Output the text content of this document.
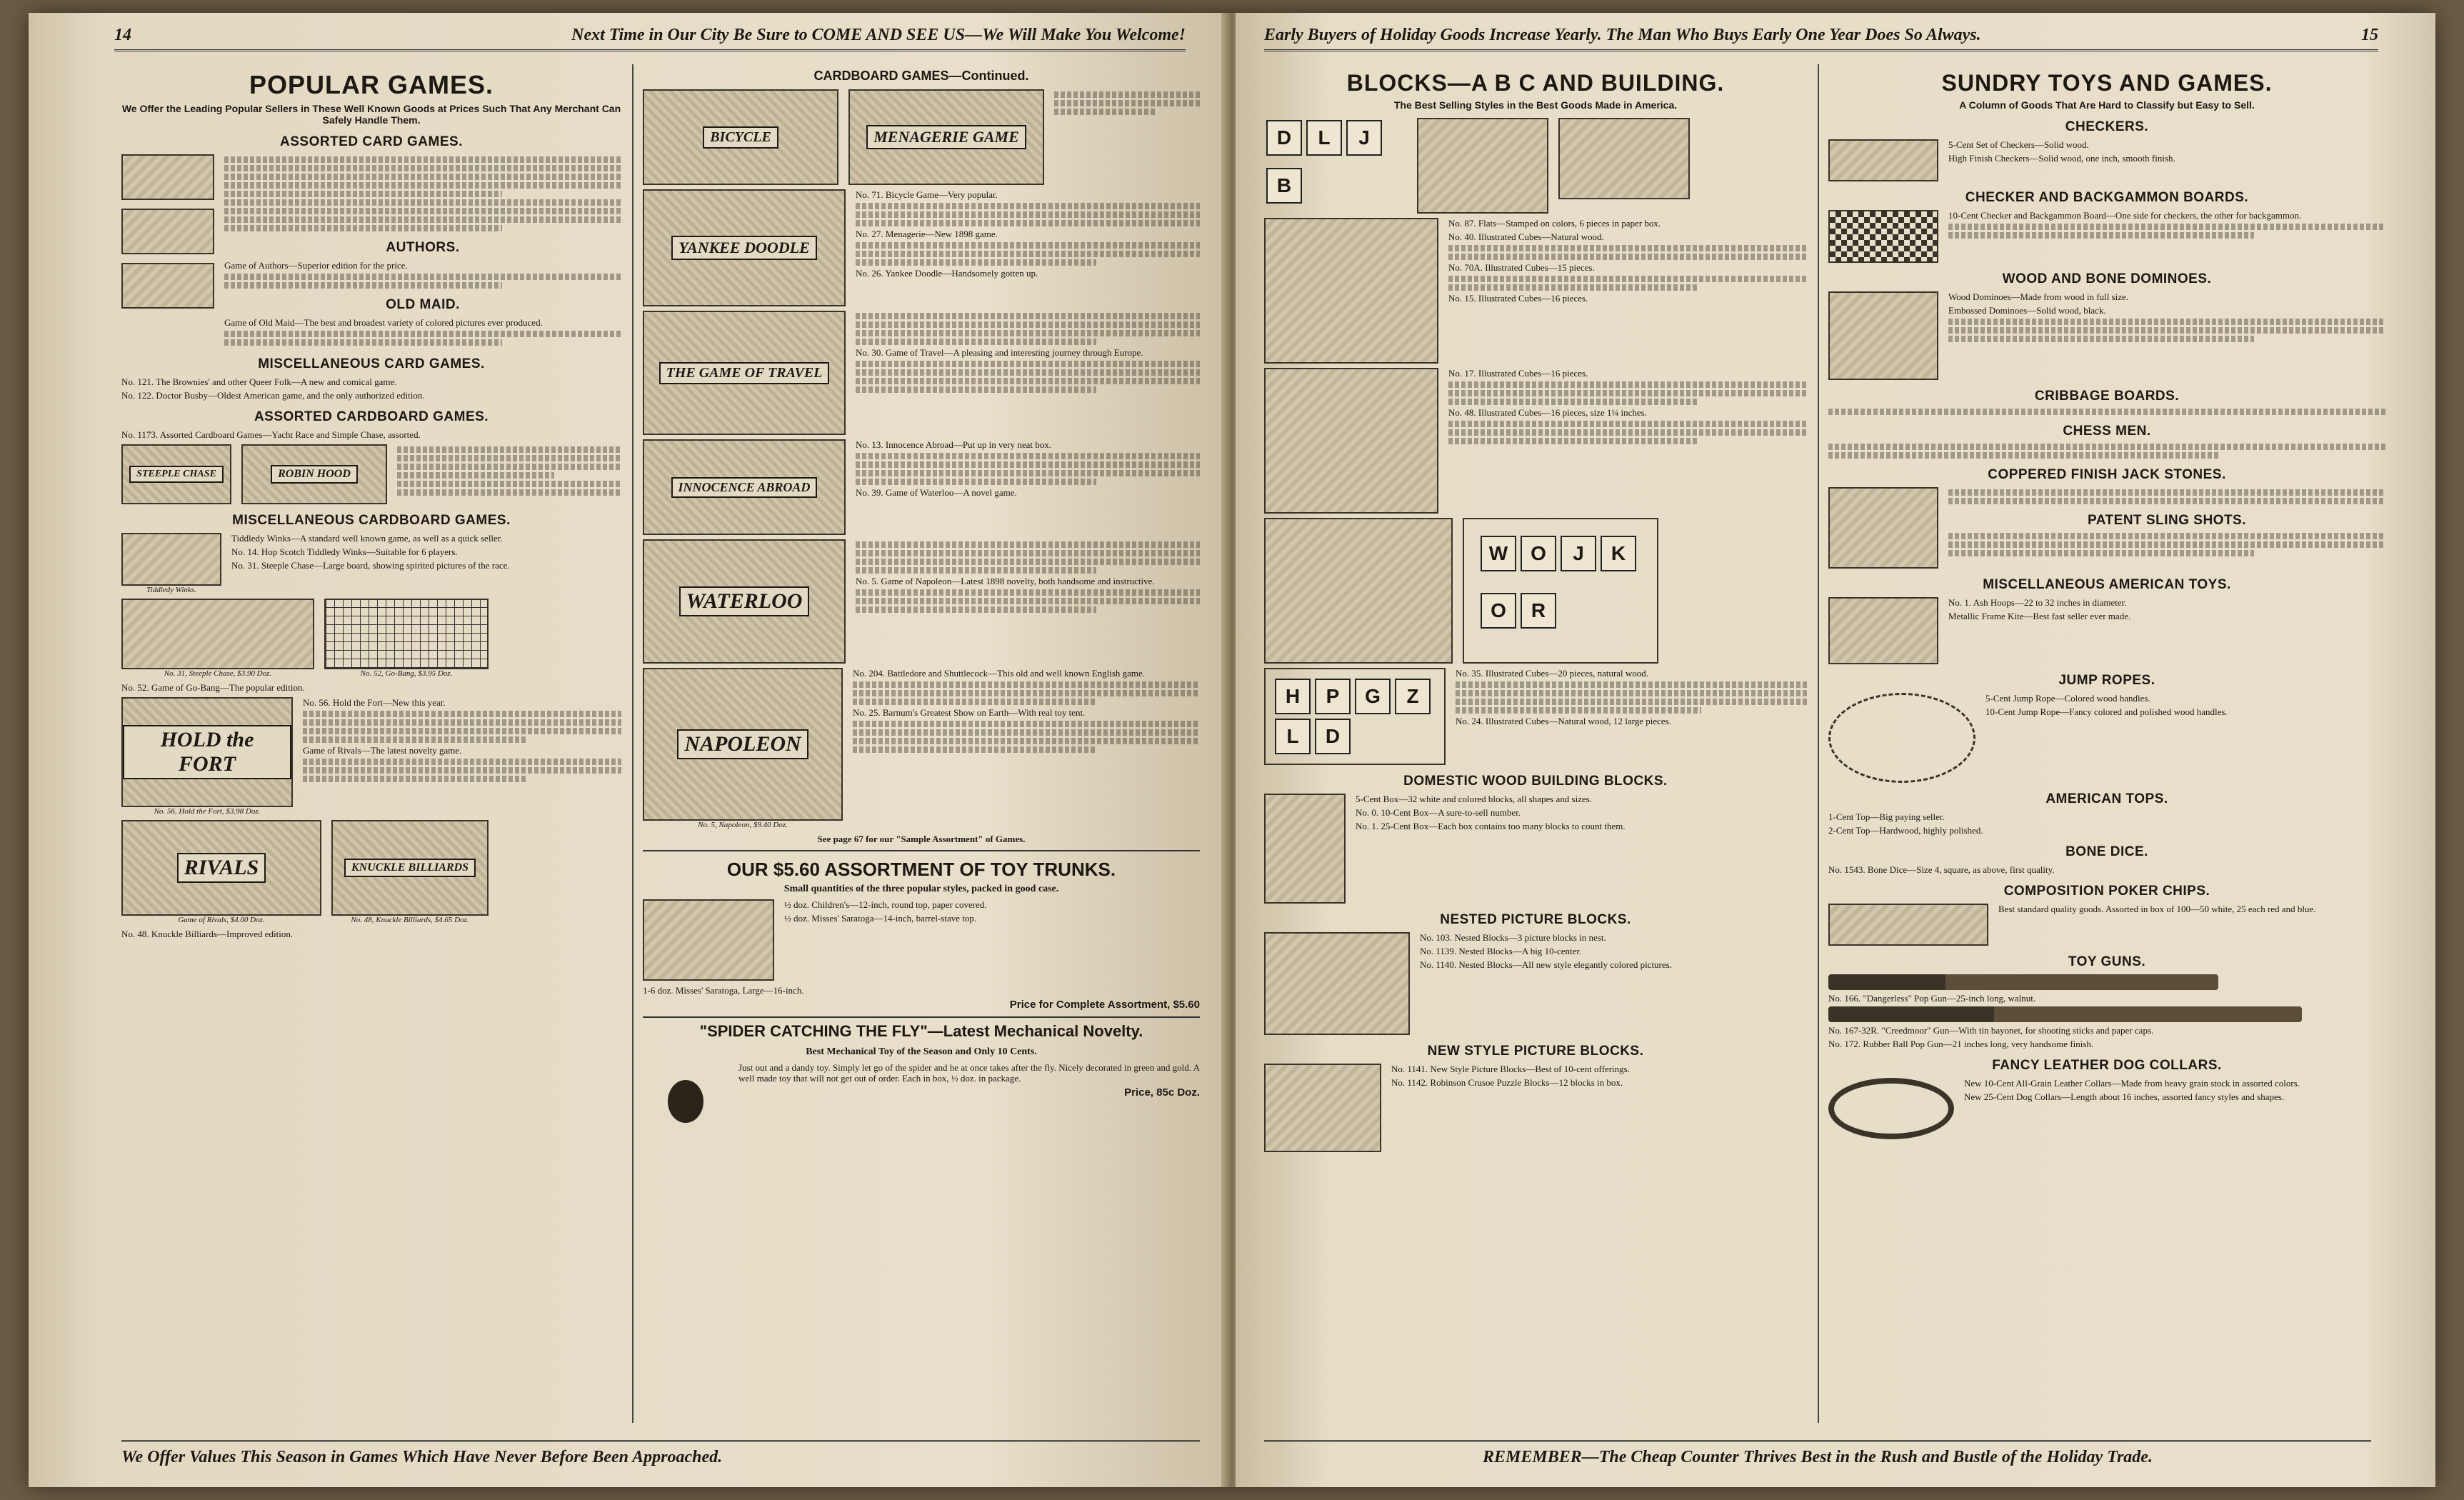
14	Next Time in Our City Be Sure to COME AND SEE US—We Will Make You Welcome!
POPULAR GAMES.
We Offer the Leading Popular Sellers in These Well Known Goods at Prices Such That Any Merchant Can Safely Handle Them.
ASSORTED CARD GAMES.
AUTHORS.

Game of Authors—Superior edition for the price.

OLD MAID.

Game of Old Maid—The best and broadest variety of colored pictures ever produced.

MISCELLANEOUS CARD GAMES.

No. 121. The Brownies' and other Queer Folk—A new and comical game.

No. 122. Doctor Busby—Oldest American game, and the only authorized edition.

ASSORTED CARDBOARD GAMES.

No. 1173. Assorted Cardboard Games—Yacht Race and Simple Chase, assorted.

STEEPLE CHASE	ROBIN HOOD
MISCELLANEOUS CARDBOARD GAMES.
Tiddledy Winks.

Tiddledy Winks—A standard well known game, as well as a quick seller.

No. 14. Hop Scotch Tiddledy Winks—Suitable for 6 players.

No. 31. Steeple Chase—Large board, showing spirited pictures of the race.

No. 31, Steeple Chase, $3.90 Doz.	No. 52, Go-Bang, $3.95 Doz.

No. 52. Game of Go-Bang—The popular edition.

HOLD the FORT
No. 56, Hold the Fort, $3.98 Doz.

No. 56. Hold the Fort—New this year.

Game of Rivals—The latest novelty game.

RIVALS
Game of Rivals, $4.00 Doz.
KNUCKLE BILLIARDS
No. 48, Knuckle Billiards, $4.65 Doz.

No. 48. Knuckle Billiards—Improved edition.

CARDBOARD GAMES—Continued.
BICYCLE	MENAGERIE GAME
YANKEE DOODLE

No. 71. Bicycle Game—Very popular.

No. 27. Menagerie—New 1898 game.

No. 26. Yankee Doodle—Handsomely gotten up.

THE GAME OF TRAVEL

No. 30. Game of Travel—A pleasing and interesting journey through Europe.

INNOCENCE ABROAD

No. 13. Innocence Abroad—Put up in very neat box.

No. 39. Game of Waterloo—A novel game.

WATERLOO

No. 5. Game of Napoleon—Latest 1898 novelty, both handsome and instructive.

NAPOLEON
No. 5, Napoleon, $9.40 Doz.

No. 204. Battledore and Shuttlecock—This old and well known English game.

No. 25. Barnum's Greatest Show on Earth—With real toy tent.

See page 67 for our "Sample Assortment" of Games.

OUR $5.60 ASSORTMENT OF TOY TRUNKS.
Small quantities of the three popular styles, packed in good case.

½ doz. Children's—12-inch, round top, paper covered.

½ doz. Misses' Saratoga—14-inch, barrel-stave top.

1-6 doz. Misses' Saratoga, Large—16-inch.

Price for Complete Assortment, $5.60
"SPIDER CATCHING THE FLY"—Latest Mechanical Novelty.
Best Mechanical Toy of the Season and Only 10 Cents.

Just out and a dandy toy. Simply let go of the spider and he at once takes after the fly. Nicely decorated in green and gold. A well made toy that will not get out of order. Each in box, ½ doz. in package.

Price, 85c Doz.
We Offer Values This Season in Games Which Have Never Before Been Approached.
Early Buyers of Holiday Goods Increase Yearly. The Man Who Buys Early One Year Does So Always.	15
BLOCKS—A B C AND BUILDING.
The Best Selling Styles in the Best Goods Made in America.
D	L	J
B

No. 87. Flats—Stamped on colors, 6 pieces in paper box.

No. 40. Illustrated Cubes—Natural wood.

No. 70A. Illustrated Cubes—15 pieces.

No. 15. Illustrated Cubes—16 pieces.

No. 17. Illustrated Cubes—16 pieces.

No. 48. Illustrated Cubes—16 pieces, size 1¼ inches.

W	O	J	K
O	R
H	P	G	Z
L	D

No. 35. Illustrated Cubes—20 pieces, natural wood.

No. 24. Illustrated Cubes—Natural wood, 12 large pieces.

DOMESTIC WOOD BUILDING BLOCKS.

5-Cent Box—32 white and colored blocks, all shapes and sizes.

No. 0. 10-Cent Box—A sure-to-sell number.

No. 1. 25-Cent Box—Each box contains too many blocks to count them.

NESTED PICTURE BLOCKS.

No. 103. Nested Blocks—3 picture blocks in nest.

No. 1139. Nested Blocks—A big 10-center.

No. 1140. Nested Blocks—All new style elegantly colored pictures.

NEW STYLE PICTURE BLOCKS.

No. 1141. New Style Picture Blocks—Best of 10-cent offerings.

No. 1142. Robinson Crusoe Puzzle Blocks—12 blocks in box.

SUNDRY TOYS AND GAMES.
A Column of Goods That Are Hard to Classify but Easy to Sell.
CHECKERS.

5-Cent Set of Checkers—Solid wood.

High Finish Checkers—Solid wood, one inch, smooth finish.

CHECKER AND BACKGAMMON BOARDS.

10-Cent Checker and Backgammon Board—One side for checkers, the other for backgammon.

WOOD AND BONE DOMINOES.

Wood Dominoes—Made from wood in full size.

Embossed Dominoes—Solid wood, black.

CRIBBAGE BOARDS.
CHESS MEN.
COPPERED FINISH JACK STONES.
PATENT SLING SHOTS.
MISCELLANEOUS AMERICAN TOYS.

No. 1. Ash Hoops—22 to 32 inches in diameter.

Metallic Frame Kite—Best fast seller ever made.

JUMP ROPES.

5-Cent Jump Rope—Colored wood handles.

10-Cent Jump Rope—Fancy colored and polished wood handles.

AMERICAN TOPS.

1-Cent Top—Big paying seller.

2-Cent Top—Hardwood, highly polished.

BONE DICE.

No. 1543. Bone Dice—Size 4, square, as above, first quality.

COMPOSITION POKER CHIPS.

Best standard quality goods. Assorted in box of 100—50 white, 25 each red and blue.

TOY GUNS.

No. 166. "Dangerless" Pop Gun—25-inch long, walnut.

No. 167-32R. "Creedmoor" Gun—With tin bayonet, for shooting sticks and paper caps.

No. 172. Rubber Ball Pop Gun—21 inches long, very handsome finish.

FANCY LEATHER DOG COLLARS.

New 10-Cent All-Grain Leather Collars—Made from heavy grain stock in assorted colors.

New 25-Cent Dog Collars—Length about 16 inches, assorted fancy styles and shapes.

REMEMBER—The Cheap Counter Thrives Best in the Rush and Bustle of the Holiday Trade.
